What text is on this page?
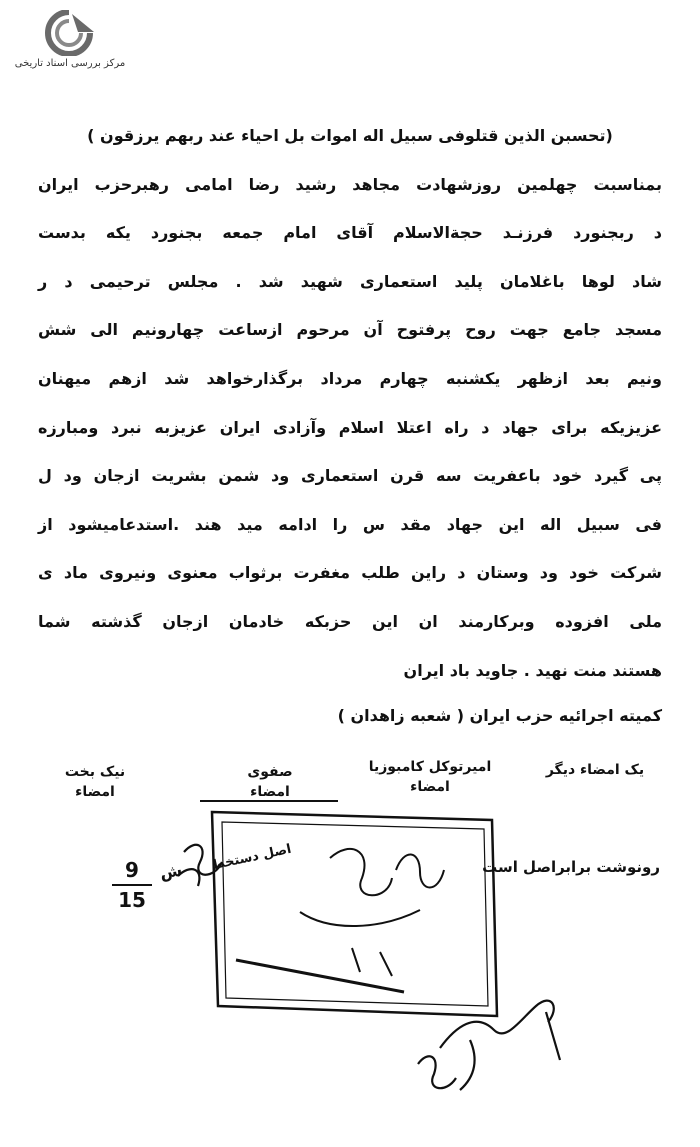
مرکز بررسی اسناد تاریخی
(تحسبن الذین قتلوفی سبیل اله اموات بل احیاء عند ربهم یرزقون )
بمناسبت چهلمین روزشهادت مجاهد رشید رضا امامی رهبرحزب ایران
د ربجنورد فرزنـد حجةالاسلام آقای امام جمعه بجنورد یکه بدست
شاد لوها باغلامان پلید استعماری شهید شد . مجلس ترحیمی د ر
مسجد جامع جهت روح پرفتوح آن مرحوم ازساعت چهارونیم الی شش
ونیم بعد ازظهر یکشنبه چهارم مرداد برگذارخواهد شد ازهم میهنان
عزیزیکه برای جهاد د راه اعتلا اسلام وآزادی ایران عزیزبه نبرد ومبارزه
پی گیرد خود باعفریت سه قرن استعماری ود شمن بشریت ازجان ود ل
فی سبیل اله این جهاد مقد س را ادامه مید هند .استدعامیشود از
شرکت خود ود وستان د راین طلب مغفرت برثواب معنوی ونیروی ماد ی
ملی افزوده وبرکارمند ان این حزبکه خادمان ازجان گذشته شما
هستند منت نهید . جاوید باد ایران
کمیته اجرائیه حزب ایران ( شعبه زاهدان )
یک امضاء دیگر
امیرتوکل کامبوزیا
امضاء
صفوی
امضاء
نیک بخت
امضاء
رونوشت برابراصل است
9
15
اصل دستخط
ش
